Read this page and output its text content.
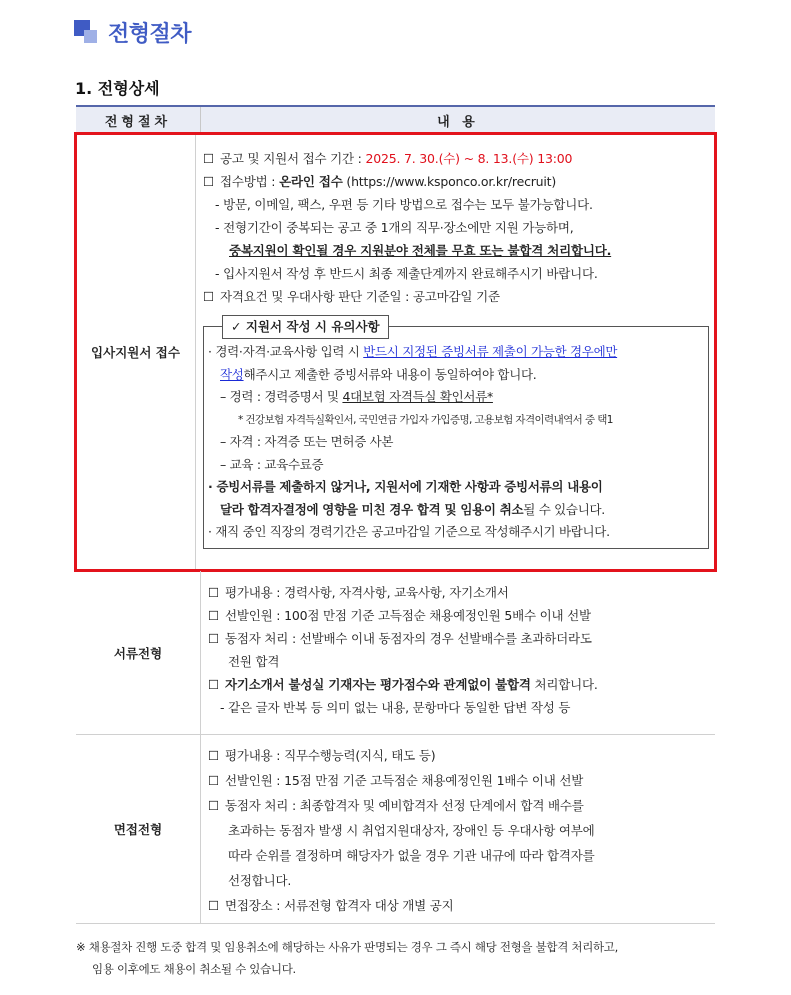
전형절차
1. 전형상세
전형절차	내 용
입사지원서 접수
☐ 공고 및 지원서 접수 기간 : 2025. 7. 30.(수) ~ 8. 13.(수) 13:00
☐ 접수방법 : 온라인 접수 (https://www.ksponco.or.kr/recruit)
- 방문, 이메일, 팩스, 우편 등 기타 방법으로 접수는 모두 불가능합니다.
- 전형기간이 중복되는 공고 중 1개의 직무·장소에만 지원 가능하며,
중복지원이 확인될 경우 지원분야 전체를 무효 또는 불합격 처리합니다.
- 입사지원서 작성 후 반드시 최종 제출단계까지 완료해주시기 바랍니다.
☐ 자격요건 및 우대사항 판단 기준일 : 공고마감일 기준
✓ 지원서 작성 시 유의사항
· 경력·자격·교육사항 입력 시 반드시 지정된 증빙서류 제출이 가능한 경우에만
작성해주시고 제출한 증빙서류와 내용이 동일하여야 합니다.
– 경력 : 경력증명서 및 4대보험 자격득실 확인서류*
* 건강보험 자격득실확인서, 국민연금 가입자 가입증명, 고용보험 자격이력내역서 중 택1
– 자격 : 자격증 또는 면허증 사본
– 교육 : 교육수료증
· 증빙서류를 제출하지 않거나, 지원서에 기재한 사항과 증빙서류의 내용이
달라 합격자결정에 영향을 미친 경우 합격 및 임용이 취소될 수 있습니다.
· 재직 중인 직장의 경력기간은 공고마감일 기준으로 작성해주시기 바랍니다.
서류전형
☐ 평가내용 : 경력사항, 자격사항, 교육사항, 자기소개서
☐ 선발인원 : 100점 만점 기준 고득점순 채용예정인원 5배수 이내 선발
☐ 동점자 처리 : 선발배수 이내 동점자의 경우 선발배수를 초과하더라도
전원 합격
☐ 자기소개서 불성실 기재자는 평가점수와 관계없이 불합격 처리합니다.
- 같은 글자 반복 등 의미 없는 내용, 문항마다 동일한 답변 작성 등
면접전형
☐ 평가내용 : 직무수행능력(지식, 태도 등)
☐ 선발인원 : 15점 만점 기준 고득점순 채용예정인원 1배수 이내 선발
☐ 동점자 처리 : 최종합격자 및 예비합격자 선정 단계에서 합격 배수를
초과하는 동점자 발생 시 취업지원대상자, 장애인 등 우대사항 여부에
따라 순위를 결정하며 해당자가 없을 경우 기관 내규에 따라 합격자를
선정합니다.
☐ 면접장소 : 서류전형 합격자 대상 개별 공지
※ 채용절차 진행 도중 합격 및 임용취소에 해당하는 사유가 판명되는 경우 그 즉시 해당 전형을 불합격 처리하고,
임용 이후에도 채용이 취소될 수 있습니다.
